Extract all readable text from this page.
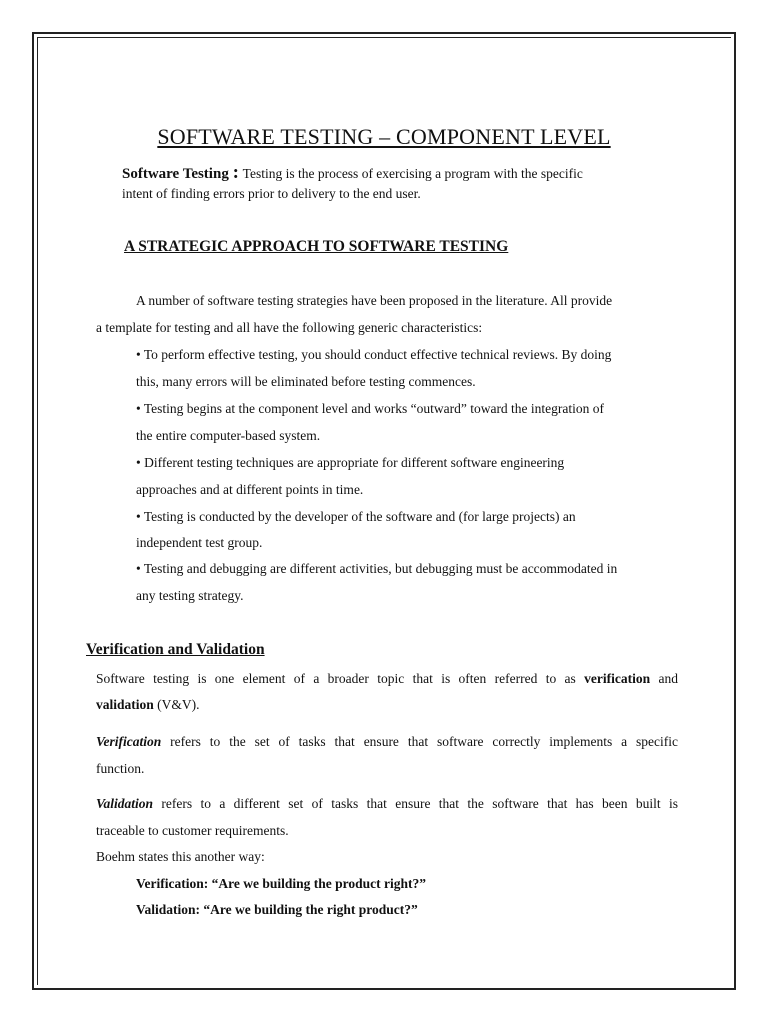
SOFTWARE TESTING – COMPONENT LEVEL
Software Testing : Testing is the process of exercising a program with the specific
intent of finding errors prior to delivery to the end user.
A STRATEGIC APPROACH TO SOFTWARE TESTING
A number of software testing strategies have been proposed in the literature. All provide
a template for testing and all have the following generic characteristics:
• To perform effective testing, you should conduct effective technical reviews. By doing
this, many errors will be eliminated before testing commences.
• Testing begins at the component level and works “outward” toward the integration of
the entire computer-based system.
• Different testing techniques are appropriate for different software engineering
approaches and at different points in time.
• Testing is conducted by the developer of the software and (for large projects) an
independent test group.
• Testing and debugging are different activities, but debugging must be accommodated in
any testing strategy.
Verification and Validation
Software testing is one element of a broader topic that is often referred to as verification and
validation (V&V).
Verification refers to the set of tasks that ensure that software correctly implements a specific
function.
Validation refers to a different set of tasks that ensure that the software that has been built is
traceable to customer requirements.
Boehm states this another way:
Verification: “Are we building the product right?”
Validation: “Are we building the right product?”
